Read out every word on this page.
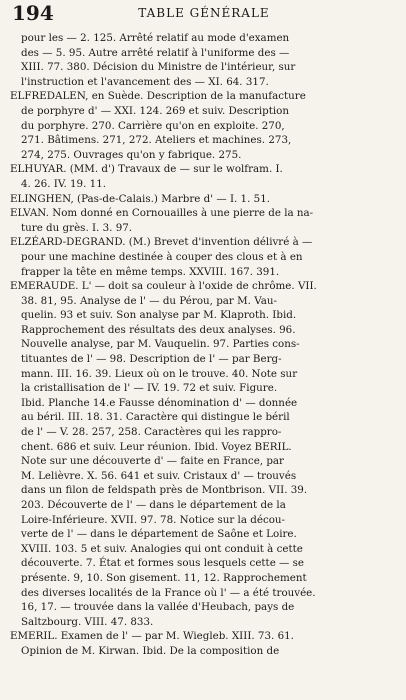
194	TABLE GÉNÉRALE
pour les — 2. 125. Arrêté relatif au mode d'examen
des — 5. 95. Autre arrêté relatif à l'uniforme des —
XIII. 77. 380. Décision du Ministre de l'intérieur, sur
l'instruction et l'avancement des — XI. 64. 317.
ELFREDALEN, en Suède. Description de la manufacture
de porphyre d' — XXI. 124. 269 et suiv. Description
du porphyre. 270. Carrière qu'on en exploite. 270,
271. Bâtimens. 271, 272. Ateliers et machines. 273,
274, 275. Ouvrages qu'on y fabrique. 275.
ELHUYAR. (MM. d') Travaux de — sur le wolfram. I.
4. 26. IV. 19. 11.
ELINGHEN, (Pas-de-Calais.) Marbre d' — I. 1. 51.
ELVAN. Nom donné en Cornouailles à une pierre de la na-
ture du grès. I. 3. 97.
ELZÉARD-DEGRAND. (M.) Brevet d'invention délivré à —
pour une machine destinée à couper des clous et à en
frapper la tête en même temps. XXVIII. 167. 391.
EMERAUDE. L' — doit sa couleur à l'oxide de chrôme. VII.
38. 81, 95. Analyse de l' — du Pérou, par M. Vau-
quelin. 93 et suiv. Son analyse par M. Klaproth. Ibid.
Rapprochement des résultats des deux analyses. 96.
Nouvelle analyse, par M. Vauquelin. 97. Parties cons-
tituantes de l' — 98. Description de l' — par Berg-
mann. III. 16. 39. Lieux où on le trouve. 40. Note sur
la cristallisation de l' — IV. 19. 72 et suiv. Figure.
Ibid. Planche 14.e Fausse dénomination d' — donnée
au béril. III. 18. 31. Caractère qui distingue le béril
de l' — V. 28. 257, 258. Caractères qui les rappro-
chent. 686 et suiv. Leur réunion. Ibid. Voyez BERIL.
Note sur une découverte d' — faite en France, par
M. Lelièvre. X. 56. 641 et suiv. Cristaux d' — trouvés
dans un filon de feldspath près de Montbrison. VII. 39.
203. Découverte de l' — dans le département de la
Loire-Inférieure. XVII. 97. 78. Notice sur la décou-
verte de l' — dans le département de Saône et Loire.
XVIII. 103. 5 et suiv. Analogies qui ont conduit à cette
découverte. 7. État et formes sous lesquels cette — se
présente. 9, 10. Son gisement. 11, 12. Rapprochement
des diverses localités de la France où l' — a été trouvée.
16, 17. — trouvée dans la vallée d'Heubach, pays de
Saltzbourg. VIII. 47. 833.
EMERIL. Examen de l' — par M. Wiegleb. XIII. 73. 61.
Opinion de M. Kirwan. Ibid. De la composition de
